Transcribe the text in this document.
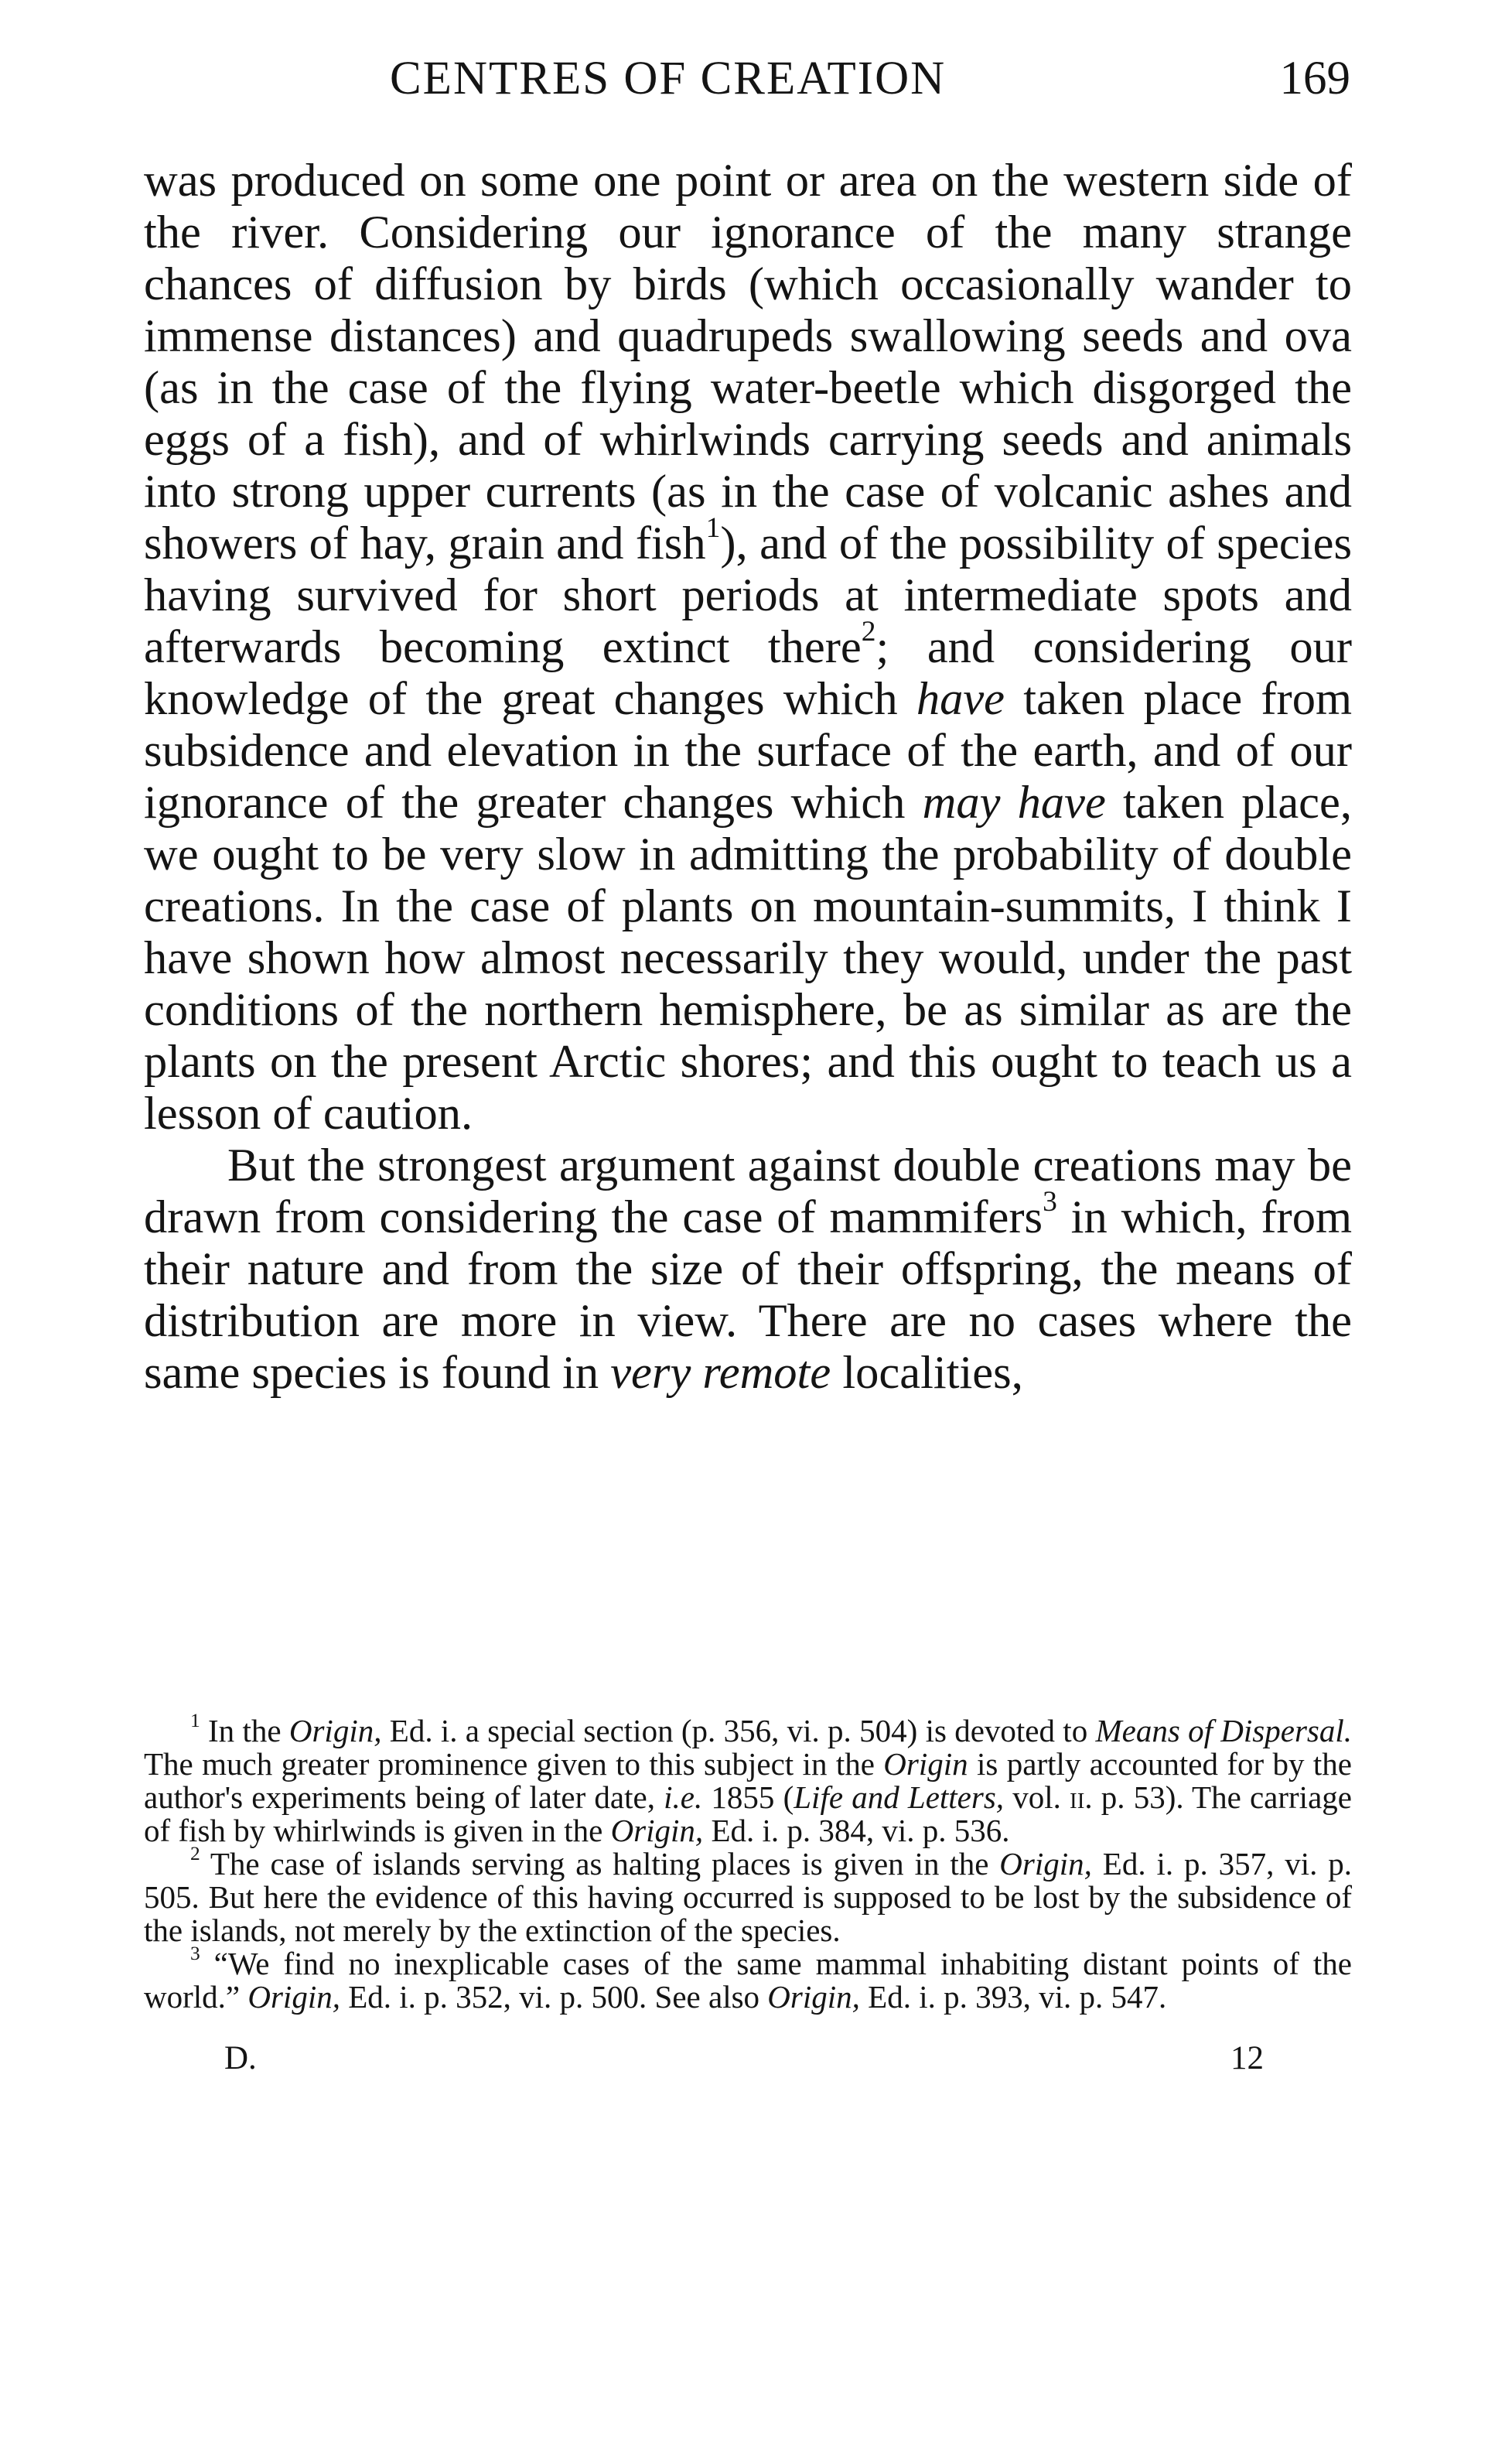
CENTRES OF CREATION	169

was produced on some one point or area on the western side of the river. Considering our ignorance of the many strange chances of diffusion by birds (which occasionally wander to immense distances) and quadrupeds swallowing seeds and ova (as in the case of the flying water-beetle which disgorged the eggs of a fish), and of whirlwinds carrying seeds and animals into strong upper currents (as in the case of volcanic ashes and showers of hay, grain and fish$^1$), and of the possibility of species having survived for short periods at intermediate spots and afterwards becoming extinct there$^2$; and considering our knowledge of the great changes which have taken place from subsidence and elevation in the surface of the earth, and of our ignorance of the greater changes which may have taken place, we ought to be very slow in admitting the probability of double creations. In the case of plants on mountain-summits, I think I have shown how almost necessarily they would, under the past conditions of the northern hemisphere, be as similar as are the plants on the present Arctic shores; and this ought to teach us a lesson of caution.

But the strongest argument against double creations may be drawn from considering the case of mammifers$^3$ in which, from their nature and from the size of their offspring, the means of distribution are more in view. There are no cases where the same species is found in very remote localities,

$^1$ In the Origin, Ed. i. a special section (p. 356, vi. p. 504) is devoted to Means of Dispersal. The much greater prominence given to this subject in the Origin is partly accounted for by the author's experiments being of later date, i.e. 1855 (Life and Letters, vol. ii. p. 53). The carriage of fish by whirlwinds is given in the Origin, Ed. i. p. 384, vi. p. 536.

$^2$ The case of islands serving as halting places is given in the Origin, Ed. i. p. 357, vi. p. 505. But here the evidence of this having occurred is supposed to be lost by the subsidence of the islands, not merely by the extinction of the species.

$^3$ “We find no inexplicable cases of the same mammal inhabiting distant points of the world.” Origin, Ed. i. p. 352, vi. p. 500. See also Origin, Ed. i. p. 393, vi. p. 547.

D.	12
